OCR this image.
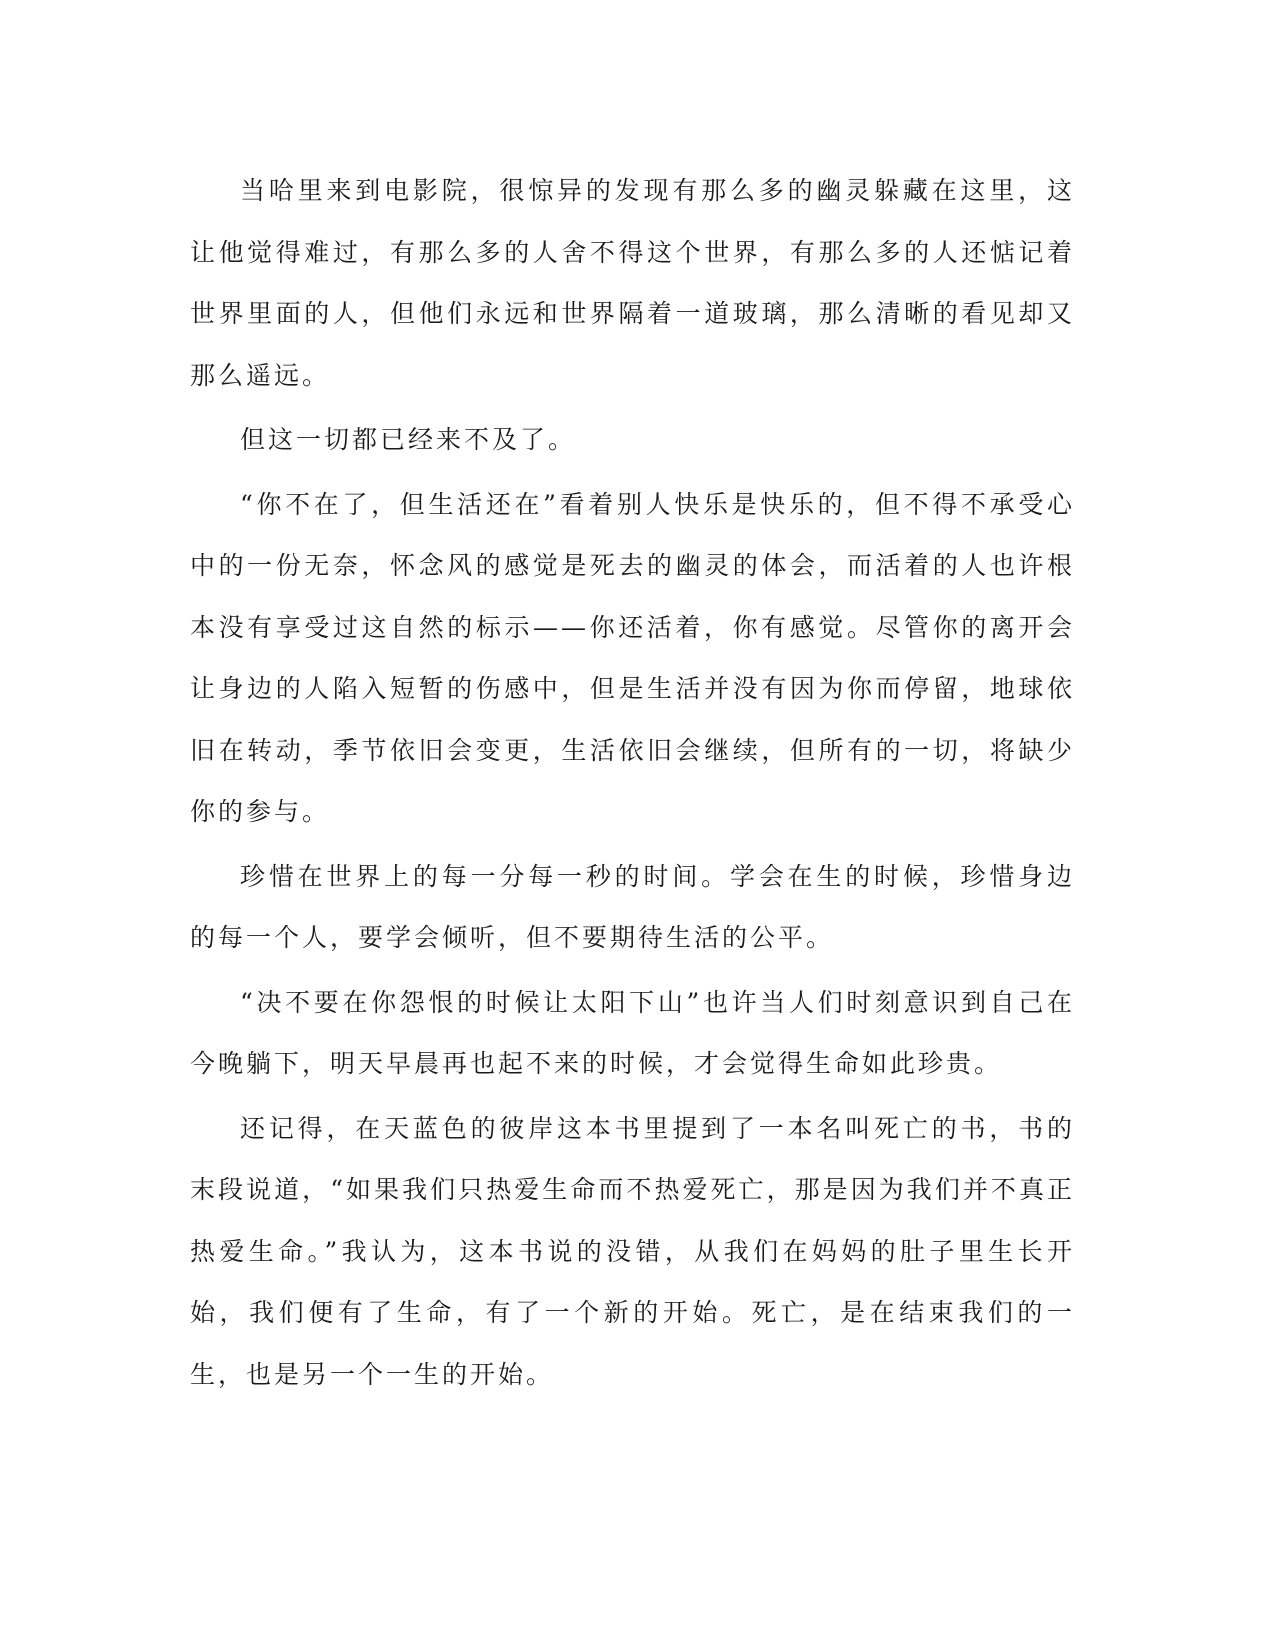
当哈里来到电影院，很惊异的发现有那么多的幽灵躲藏在这里，这让他觉得难过，有那么多的人舍不得这个世界，有那么多的人还惦记着世界里面的人，但他们永远和世界隔着一道玻璃，那么清晰的看见却又那么遥远。

但这一切都已经来不及了。

“你不在了，但生活还在”看着别人快乐是快乐的，但不得不承受心中的一份无奈，怀念风的感觉是死去的幽灵的体会，而活着的人也许根本没有享受过这自然的标示——你还活着，你有感觉。尽管你的离开会让身边的人陷入短暂的伤感中，但是生活并没有因为你而停留，地球依旧在转动，季节依旧会变更，生活依旧会继续，但所有的一切，将缺少你的参与。

珍惜在世界上的每一分每一秒的时间。学会在生的时候，珍惜身边的每一个人，要学会倾听，但不要期待生活的公平。

“决不要在你怨恨的时候让太阳下山”也许当人们时刻意识到自己在今晚躺下，明天早晨再也起不来的时候，才会觉得生命如此珍贵。

还记得，在天蓝色的彼岸这本书里提到了一本名叫死亡的书，书的末段说道，“如果我们只热爱生命而不热爱死亡，那是因为我们并不真正热爱生命。”我认为，这本书说的没错，从我们在妈妈的肚子里生长开始，我们便有了生命，有了一个新的开始。死亡，是在结束我们的一生，也是另一个一生的开始。
